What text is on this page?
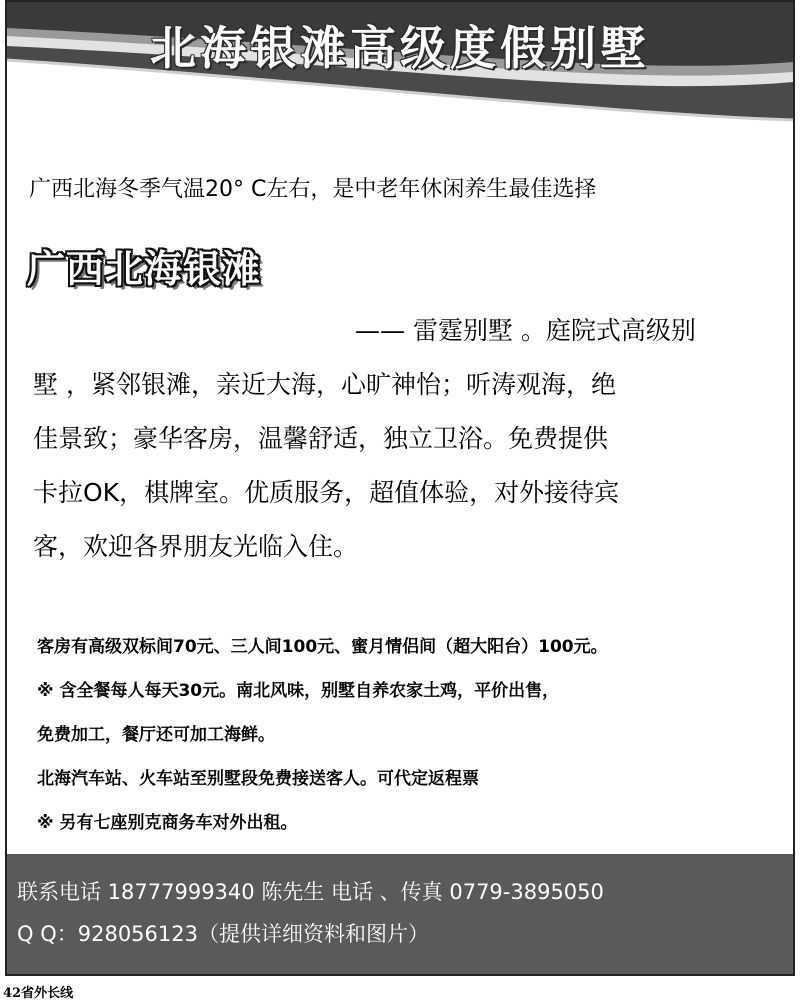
北海银滩高级度假别墅
广西北海冬季气温20° C左右，是中老年休闲养生最佳选择
广西北海银滩
—— 雷霆别墅 。庭院式高级别
墅 ，紧邻银滩，亲近大海，心旷神怡；听涛观海，绝
佳景致；豪华客房，温馨舒适，独立卫浴。免费提供
卡拉OK，棋牌室。优质服务，超值体验，对外接待宾
客，欢迎各界朋友光临入住。
客房有高级双标间70元、三人间100元、蜜月情侣间（超大阳台）100元。
※ 含全餐每人每天30元。南北风味，别墅自养农家土鸡，平价出售，
免费加工，餐厅还可加工海鲜。
北海汽车站、火车站至别墅段免费接送客人。可代定返程票
※ 另有七座别克商务车对外出租。
联系电话 18777999340 陈先生 电话 、传真 0779-3895050
Q Q：928056123（提供详细资料和图片）
42省外长线
